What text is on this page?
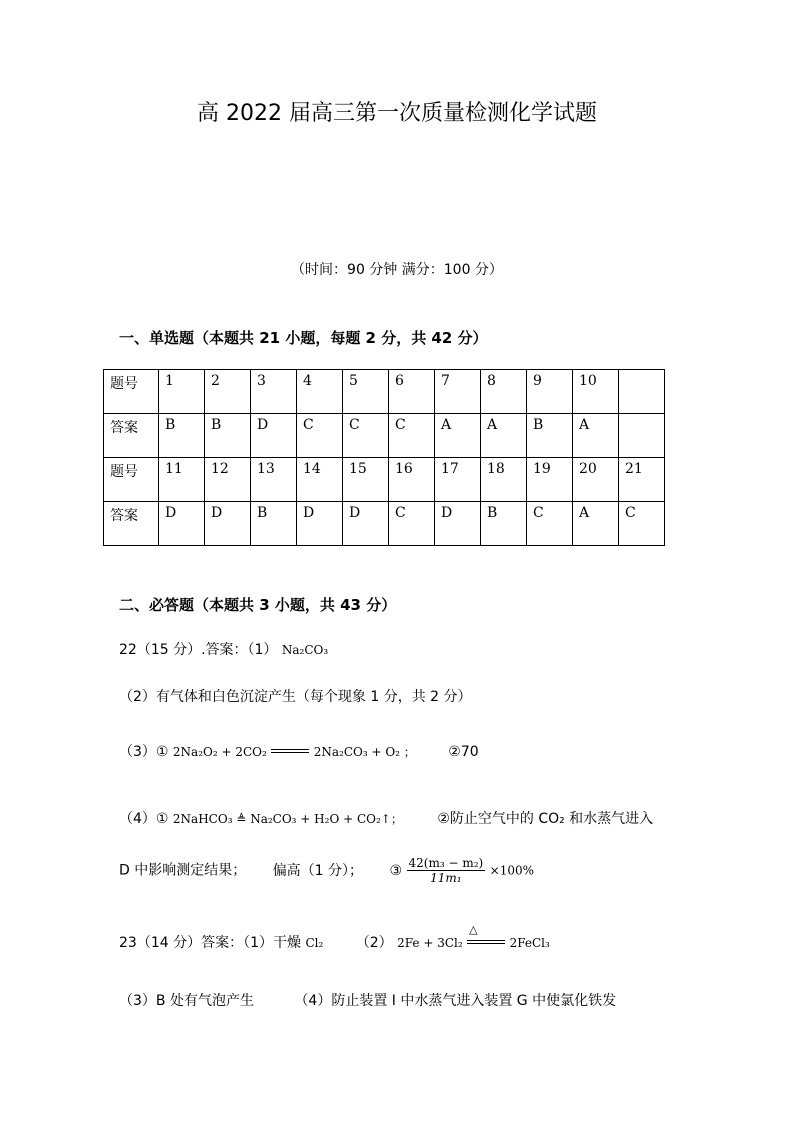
高 2022 届高三第一次质量检测化学试题
（时间：90 分钟 满分：100 分）
一、单选题（本题共 21 小题，每题 2 分，共 42 分）
题号	1	2	3	4	5	6	7	8	9	10	
答案	B	B	D	C	C	C	A	A	B	A	
题号	11	12	13	14	15	16	17	18	19	20	21
答案	D	D	B	D	D	C	D	B	C	A	C
二、必答题（本题共 3 小题，共 43 分）
22（15 分）.答案：（1） Na₂CO₃
（2）有气体和白色沉淀产生（每个现象 1 分，共 2 分）
（3）① 2Na₂O₂ + 2CO₂	2Na₂CO₃ + O₂ ； ②70
（4）① 2NaHCO₃ ≜ Na₂CO₃ + H₂O + CO₂↑； ②防止空气中的 CO₂ 和水蒸气进入
D 中影响测定结果； 偏高（1 分）； ③ $\frac{\text{42(m₃ − m₂)}}{\text{11m₁}} \times 100\%$
23（14 分）答案：（1）干燥 Cl₂ （2） 2Fe + 3Cl₂
△
2FeCl₃
（3）B 处有气泡产生	（4）防止装置 I 中水蒸气进入装置 G 中使氯化铁发
